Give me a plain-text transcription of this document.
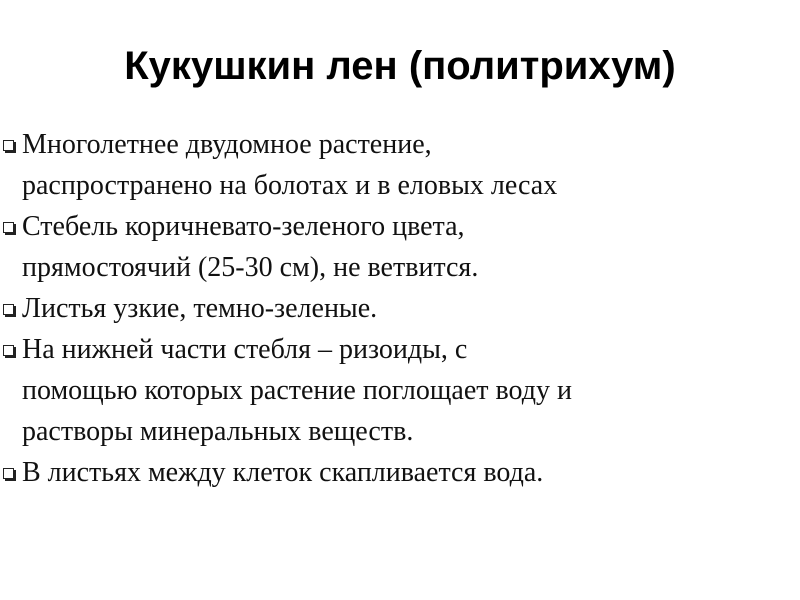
Кукушкин лен (политрихум)
Многолетнее двудомное растение,
распространено на болотах и в еловых лесах
Стебель коричневато-зеленого цвета,
прямостоячий (25-30 см), не ветвится.
Листья узкие, темно-зеленые.
На нижней части стебля – ризоиды, с
помощью которых растение поглощает воду и
растворы минеральных веществ.
В листьях между клеток скапливается вода.
